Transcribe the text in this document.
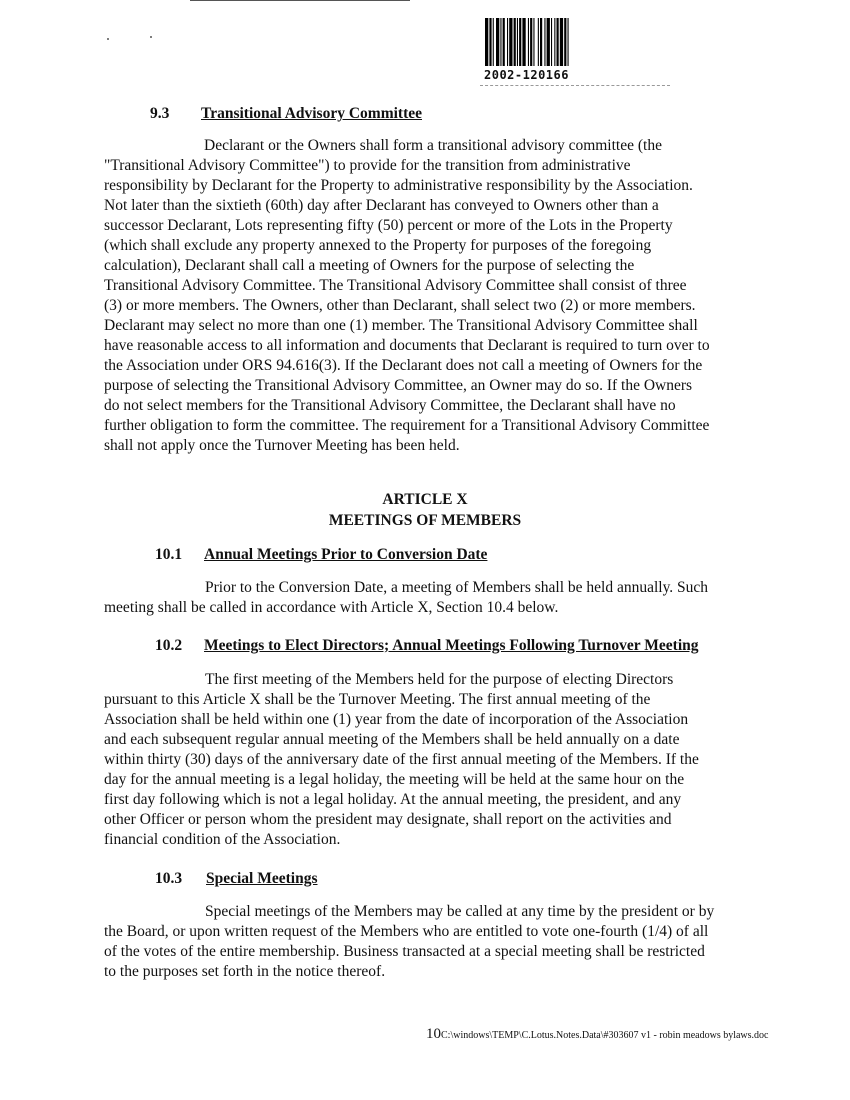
2002-120166
9.3 Transitional Advisory Committee
Declarant or the Owners shall form a transitional advisory committee (the
"Transitional Advisory Committee") to provide for the transition from administrative
responsibility by Declarant for the Property to administrative responsibility by the Association.
Not later than the sixtieth (60th) day after Declarant has conveyed to Owners other than a
successor Declarant, Lots representing fifty (50) percent or more of the Lots in the Property
(which shall exclude any property annexed to the Property for purposes of the foregoing
calculation), Declarant shall call a meeting of Owners for the purpose of selecting the
Transitional Advisory Committee. The Transitional Advisory Committee shall consist of three
(3) or more members. The Owners, other than Declarant, shall select two (2) or more members.
Declarant may select no more than one (1) member. The Transitional Advisory Committee shall
have reasonable access to all information and documents that Declarant is required to turn over to
the Association under ORS 94.616(3). If the Declarant does not call a meeting of Owners for the
purpose of selecting the Transitional Advisory Committee, an Owner may do so. If the Owners
do not select members for the Transitional Advisory Committee, the Declarant shall have no
further obligation to form the committee. The requirement for a Transitional Advisory Committee
shall not apply once the Turnover Meeting has been held.
ARTICLE X
MEETINGS OF MEMBERS
10.1 Annual Meetings Prior to Conversion Date
Prior to the Conversion Date, a meeting of Members shall be held annually. Such
meeting shall be called in accordance with Article X, Section 10.4 below.
10.2 Meetings to Elect Directors; Annual Meetings Following Turnover Meeting
The first meeting of the Members held for the purpose of electing Directors
pursuant to this Article X shall be the Turnover Meeting. The first annual meeting of the
Association shall be held within one (1) year from the date of incorporation of the Association
and each subsequent regular annual meeting of the Members shall be held annually on a date
within thirty (30) days of the anniversary date of the first annual meeting of the Members. If the
day for the annual meeting is a legal holiday, the meeting will be held at the same hour on the
first day following which is not a legal holiday. At the annual meeting, the president, and any
other Officer or person whom the president may designate, shall report on the activities and
financial condition of the Association.
10.3 Special Meetings
Special meetings of the Members may be called at any time by the president or by
the Board, or upon written request of the Members who are entitled to vote one-fourth (1/4) of all
of the votes of the entire membership. Business transacted at a special meeting shall be restricted
to the purposes set forth in the notice thereof.
10C:\windows\TEMP\C.Lotus.Notes.Data\#303607 v1 - robin meadows bylaws.doc
